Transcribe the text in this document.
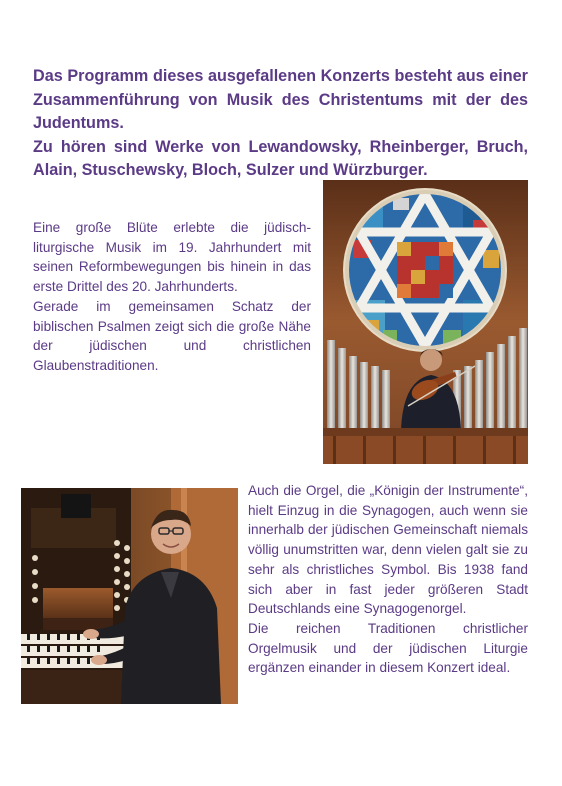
Das Programm dieses ausgefallenen Konzerts besteht aus einer Zusammenführung von Musik des Christentums mit der des Judentums.

Zu hören sind Werke von Lewandowsky, Rheinberger, Bruch, Alain, Stuschewsky, Bloch, Sulzer und Würzburger.

Eine große Blüte erlebte die jüdisch-liturgische Musik im 19. Jahrhundert mit seinen Reformbewegungen bis hinein in das erste Drittel des 20. Jahrhunderts.

Gerade im gemeinsamen Schatz der biblischen Psalmen zeigt sich die große Nähe der jüdischen und christlichen Glaubenstraditionen.

Auch die Orgel, die „Königin der Instrumente“, hielt Einzug in die Synagogen, auch wenn sie innerhalb der jüdischen Gemeinschaft niemals völlig unumstritten war, denn vielen galt sie zu sehr als christliches Symbol. Bis 1938 fand sich aber in fast jeder größeren Stadt Deutschlands eine Synagogenorgel.

Die reichen Traditionen christlicher Orgelmusik und der jüdischen Liturgie ergänzen einander in diesem Konzert ideal.
